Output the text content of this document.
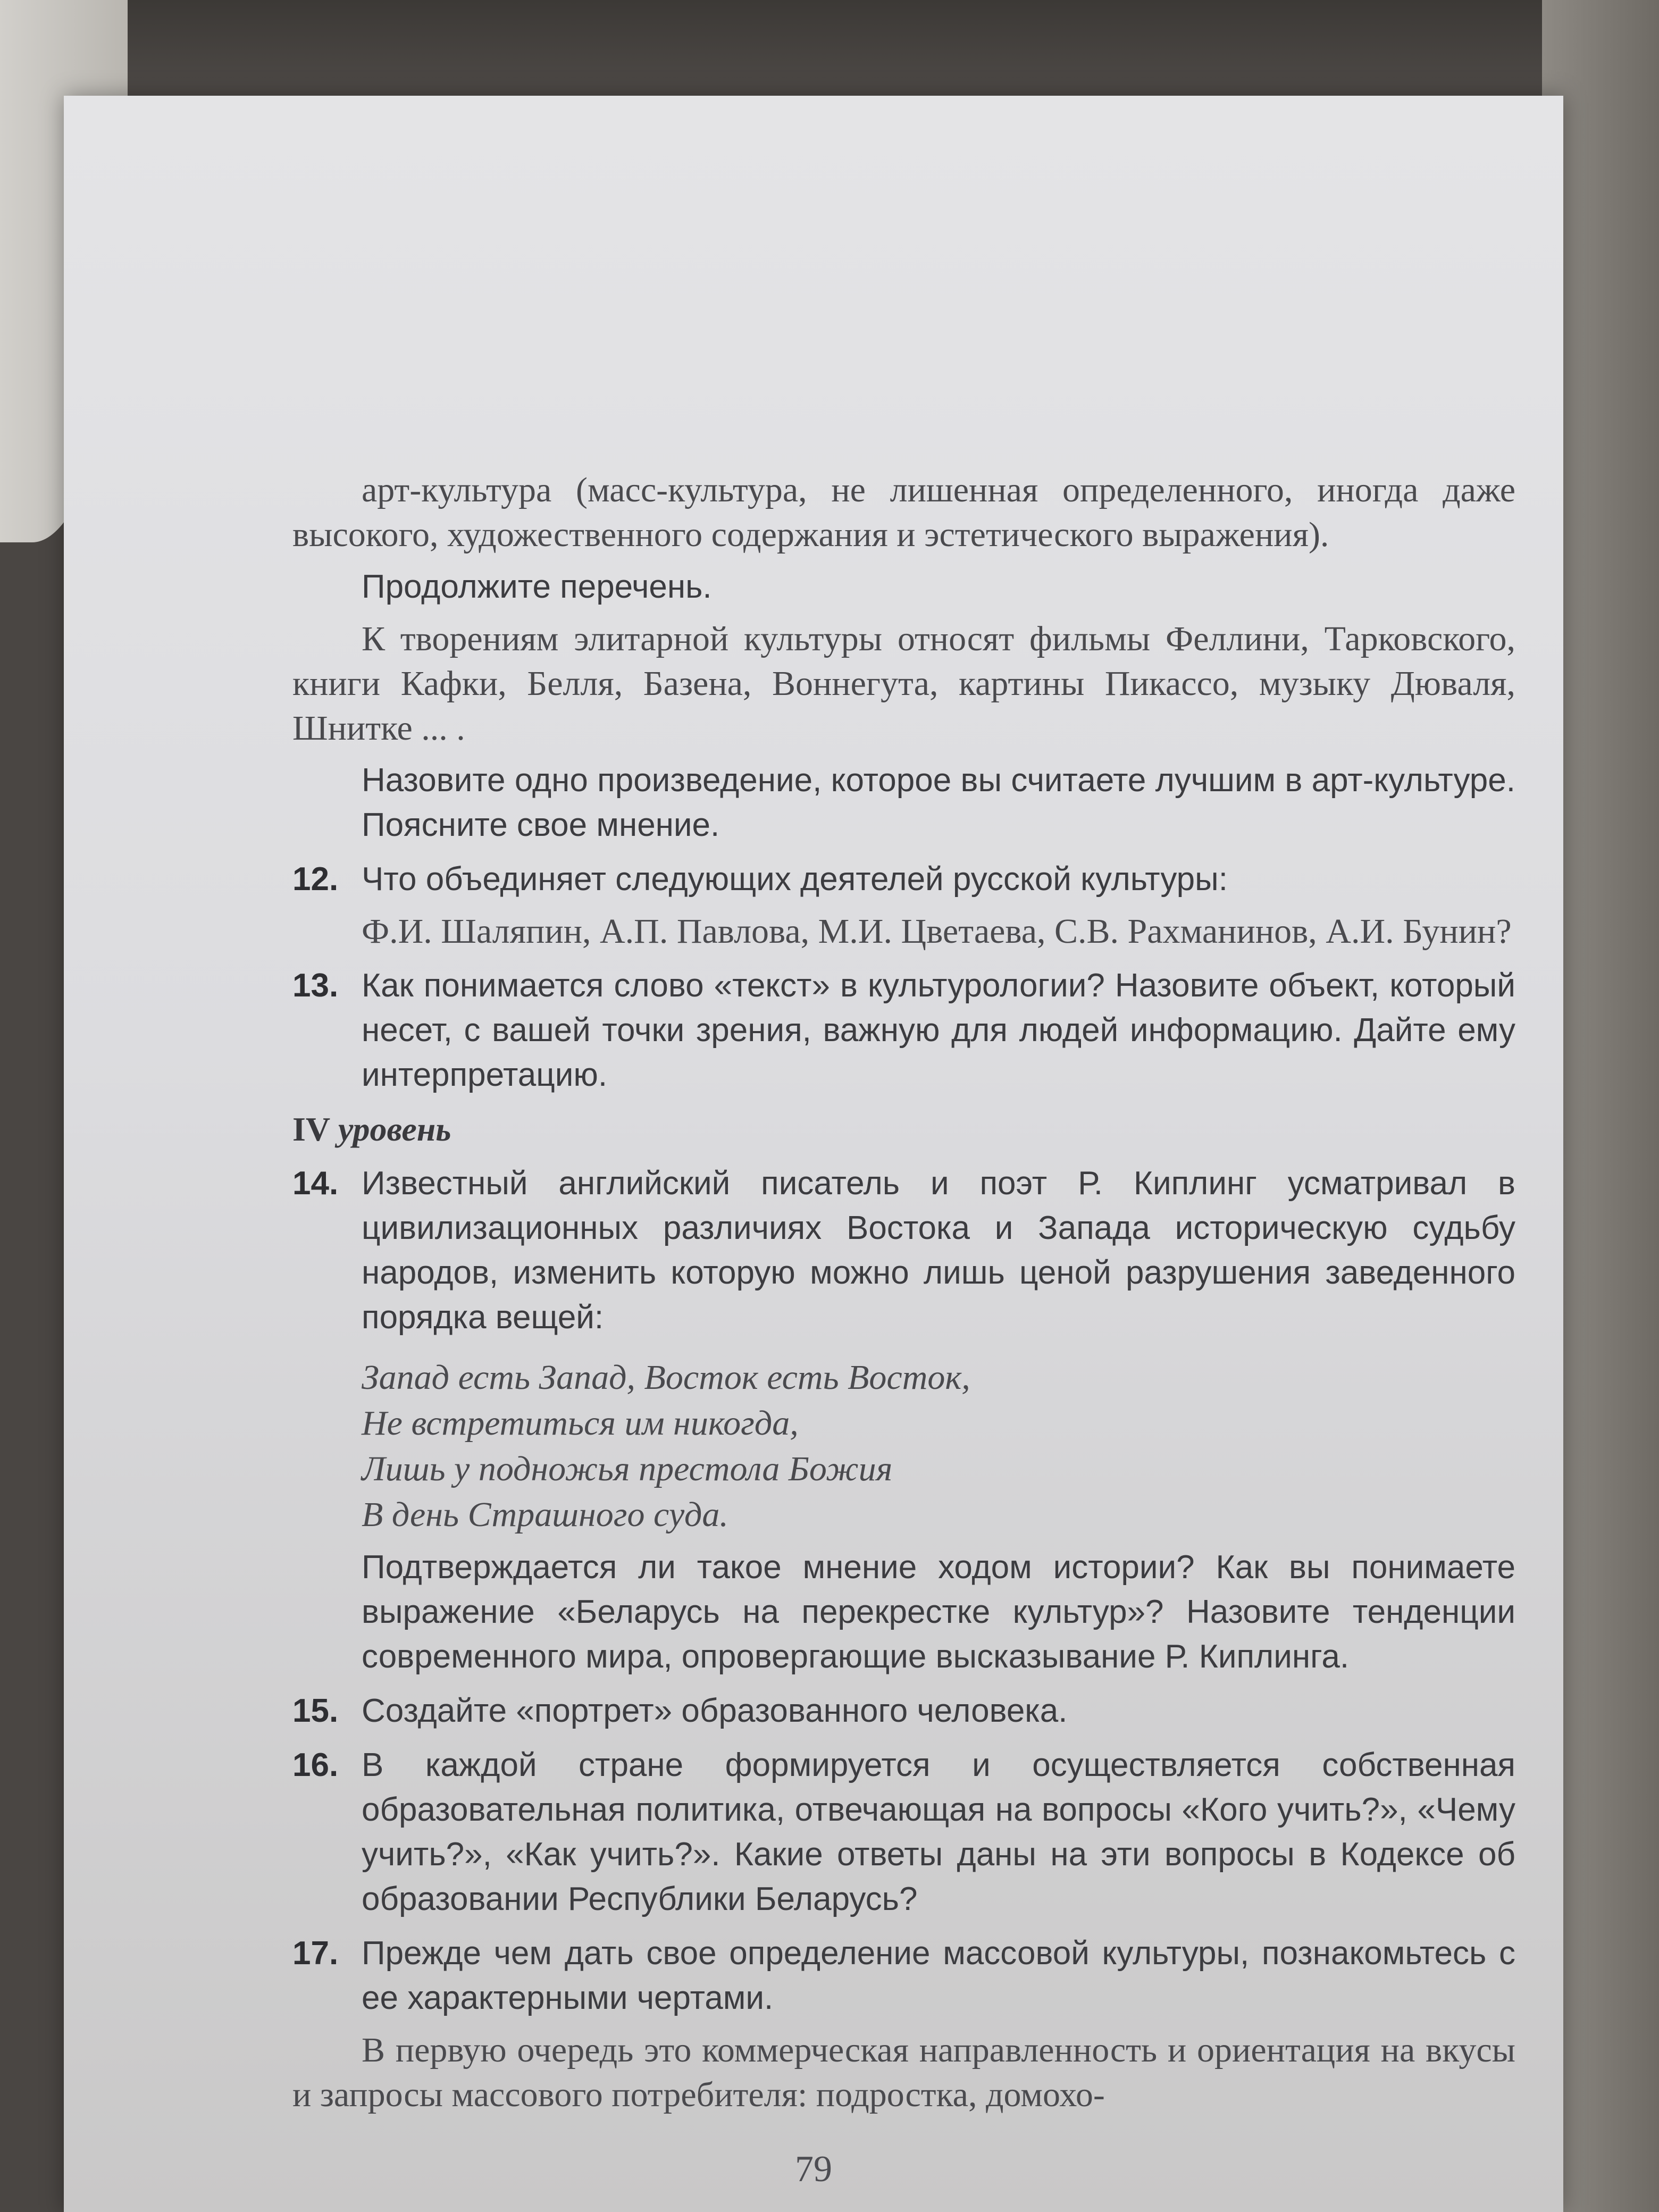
арт-культура (масс-культура, не лишенная определенного, иногда даже высокого, художественного содержания и эстетического выражения).

Продолжите перечень.

К творениям элитарной культуры относят фильмы Феллини, Тарковского, книги Кафки, Белля, Базена, Воннегута, картины Пикассо, музыку Дюваля, Шнитке ... .

Назовите одно произведение, которое вы считаете лучшим в арт-культуре. Поясните свое мнение.

12. Что объединяет следующих деятелей русской культуры:

Ф.И. Шаляпин, А.П. Павлова, М.И. Цветаева, С.В. Рахманинов, А.И. Бунин?

13. Как понимается слово «текст» в культурологии? Назовите объект, который несет, с вашей точки зрения, важную для людей информацию. Дайте ему интерпретацию.

IV уровень
14. Известный английский писатель и поэт Р. Киплинг усматривал в цивилизационных различиях Востока и Запада историческую судьбу народов, изменить которую можно лишь ценой разрушения заведенного порядка вещей:

Запад есть Запад, Восток есть Восток,
Не встретиться им никогда,
Лишь у подножья престола Божия
В день Страшного суда.

Подтверждается ли такое мнение ходом истории? Как вы понимаете выражение «Беларусь на перекрестке культур»? Назовите тенденции современного мира, опровергающие высказывание Р. Киплинга.

15. Создайте «портрет» образованного человека.

16. В каждой стране формируется и осуществляется собственная образовательная политика, отвечающая на вопросы «Кого учить?», «Чему учить?», «Как учить?». Какие ответы даны на эти вопросы в Кодексе об образовании Республики Беларусь?

17. Прежде чем дать свое определение массовой культуры, познакомьтесь с ее характерными чертами.

В первую очередь это коммерческая направленность и ориентация на вкусы и запросы массового потребителя: подростка, домохо-

79
